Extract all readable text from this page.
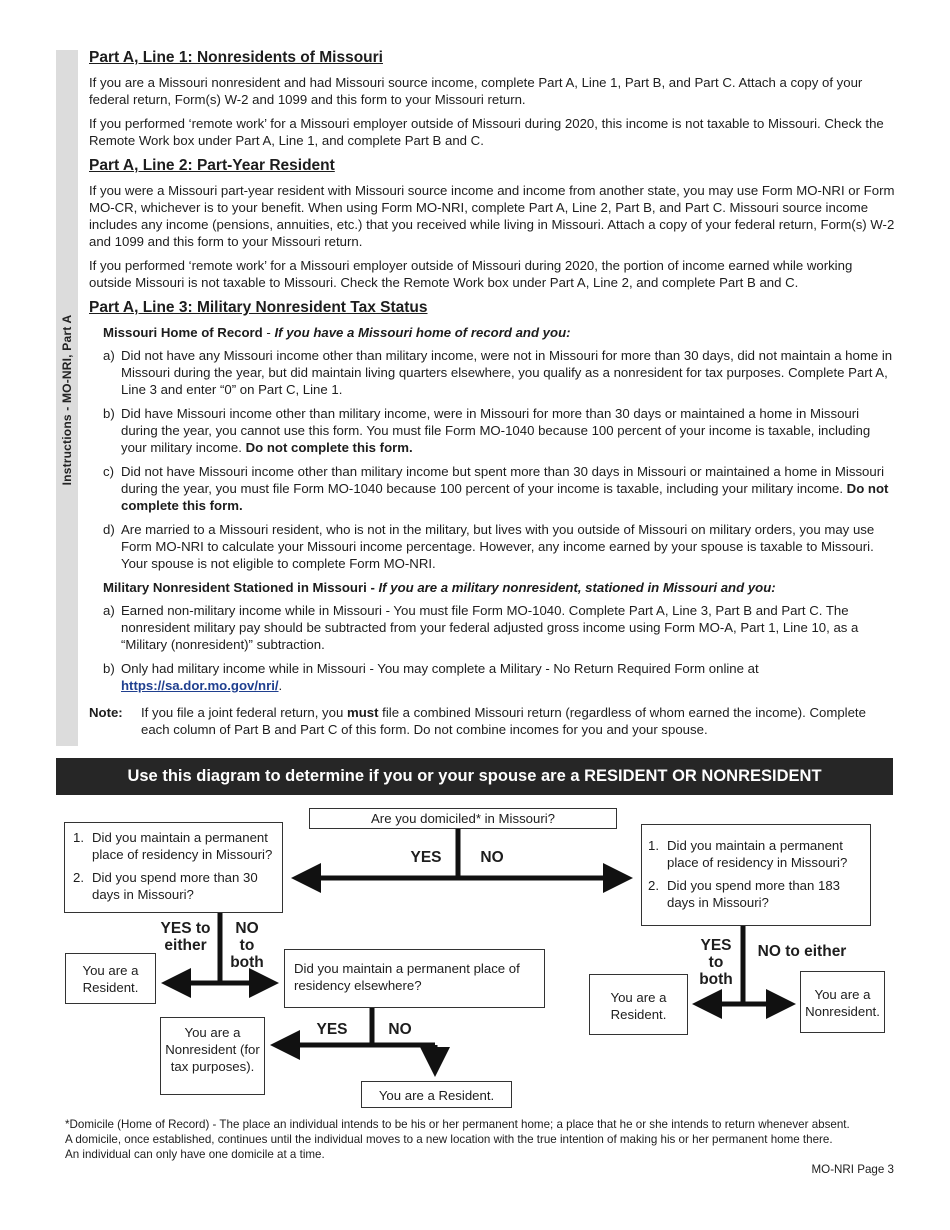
Instructions - MO-NRI, Part A
Part A, Line 1: Nonresidents of Missouri

If you are a Missouri nonresident and had Missouri source income, complete Part A, Line 1, Part B, and Part C. Attach a copy of your federal return, Form(s) W-2 and 1099 and this form to your Missouri return.

If you performed ‘remote work’ for a Missouri employer outside of Missouri during 2020, this income is not taxable to Missouri. Check the Remote Work box under Part A, Line 1, and complete Part B and C.

Part A, Line 2: Part-Year Resident

If you were a Missouri part-year resident with Missouri source income and income from another state, you may use Form MO-NRI or Form MO-CR, whichever is to your benefit. When using Form MO-NRI, complete Part A, Line 2, Part B, and Part C. Missouri source income includes any income (pensions, annuities, etc.) that you received while living in Missouri. Attach a copy of your federal return, Form(s) W-2 and 1099 and this form to your Missouri return.

If you performed ‘remote work’ for a Missouri employer outside of Missouri during 2020, the portion of income earned while working outside Missouri is not taxable to Missouri. Check the Remote Work box under Part A, Line 2, and complete Part B and C.

Part A, Line 3: Military Nonresident Tax Status
Missouri Home of Record - If you have a Missouri home of record and you:
a) Did not have any Missouri income other than military income, were not in Missouri for more than 30 days, did not maintain a home in Missouri during the year, but did maintain living quarters elsewhere, you qualify as a nonresident for tax purposes. Complete Part A, Line 3 and enter “0” on Part C, Line 1.
b) Did have Missouri income other than military income, were in Missouri for more than 30 days or maintained a home in Missouri during the year, you cannot use this form. You must file Form MO-1040 because 100 percent of your income is taxable, including your military income. Do not complete this form.
c) Did not have Missouri income other than military income but spent more than 30 days in Missouri or maintained a home in Missouri during the year, you must file Form MO-1040 because 100 percent of your income is taxable, including your military income. Do not complete this form.
d) Are married to a Missouri resident, who is not in the military, but lives with you outside of Missouri on military orders, you may use Form MO-NRI to calculate your Missouri income percentage. However, any income earned by your spouse is taxable to Missouri. Your spouse is not eligible to complete Form MO-NRI.
Military Nonresident Stationed in Missouri - If you are a military nonresident, stationed in Missouri and you:
a) Earned non-military income while in Missouri - You must file Form MO-1040. Complete Part A, Line 3, Part B and Part C. The nonresident military pay should be subtracted from your federal adjusted gross income using Form MO-A, Part 1, Line 10, as a “Military (nonresident)” subtraction.
b) Only had military income while in Missouri - You may complete a Military - No Return Required Form online at
https://sa.dor.mo.gov/nri/.
Note:	If you file a joint federal return, you must file a combined Missouri return (regardless of whom earned the income). Complete each column of Part B and Part C of this form. Do not combine incomes for you and your spouse.
Use this diagram to determine if you or your spouse are a RESIDENT OR NONRESIDENT
Are you domiciled* in Missouri?
YES	NO
1. Did you maintain a permanent place of residency in Missouri?
2. Did you spend more than 30 days in Missouri?
1. Did you maintain a permanent place of residency in Missouri?
2. Did you spend more than 183 days in Missouri?
YES to either
NO to both
You are a Resident.
Did you maintain a permanent place of residency elsewhere?
YES	NO
You are a Nonresident (for tax purposes).
You are a Resident.
YES to both
NO to either
You are a Resident.
You are a Nonresident.
*Domicile (Home of Record) - The place an individual intends to be his or her permanent home; a place that he or she intends to return whenever absent.
A domicile, once established, continues until the individual moves to a new location with the true intention of making his or her permanent home there.
An individual can only have one domicile at a time.
MO-NRI Page 3
